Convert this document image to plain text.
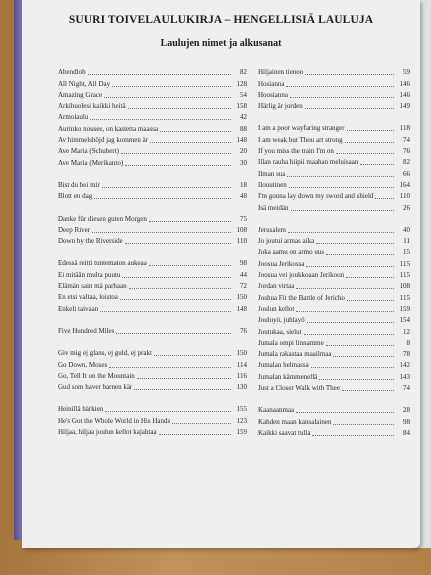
SUURI TOIVELAULUKIRJA – HENGELLISIÄ LAULUJA
Laulujen nimet ja alkusanat
Abendlob	82
All Night, All Day	128
Amazing Grace	54
Arkihuolesi kaikki heitä	158
Armolaulu	42
Aurinko nousee, on kastetta maassa	88
Av himmelshöjd jag kommen är	148
Ave Maria (Schubert)	20
Ave Maria (Merikanto)	30
Bist du bei mir	18
Blott en dag	48
Danke für diesen guten Morgen	75
Deep River	108
Down by the Riverside	110
Edessä reitti tuntematon aukeaa	98
Ei mitään multa puutu	44
Elämän sain mä parhaan	72
En etsi valtaa, loistoa	150
Enkeli taivaan	148
Five Hundred Miles	76
Giv mig ej glans, ej guld, ej prakt	150
Go Down, Moses	114
Go, Tell It on the Mountain	116
Gud som haver barnen kär	130
Heinillä härkien	155
He's Got the Whole World in His Hands	123
Hiljaa, hiljaa joulun kellot kajahtaa	159
Hiljainen tienoo	59
Hosianna	146
Hoosianna	146
Härlig är jorden	149
I am a poor wayfaring stranger	118
I am weak but Thou art strong	74
If you miss the train I'm on	76
Illan rauha hiipii maahan meluisaan	82
Ilman sua	66
Ilouutinen	164
I'm gonna lay down my sword and shield	110
Isä meidän	26
Jerusalem	40
Jo joutui armas aika	11
Joka aamu on armo uus	15
Joosua Jerikossa	115
Joosua vei joukkoaan Jerikoon	115
Jordan virtaa	108
Joshua Fit the Battle of Jericho	115
Joulun kellot	159
Jouluyö, juhlayö	154
Joutukaa, sielut	12
Jumala ompi linnamme	8
Jumala rakastaa maailmaa	78
Jumalan helmassa	142
Jumalan kämmenellä	143
Just a Closer Walk with Thee	74
Kaanaanmaa	28
Kahden maan kansalainen	98
Kaikki saavat tulla	84
